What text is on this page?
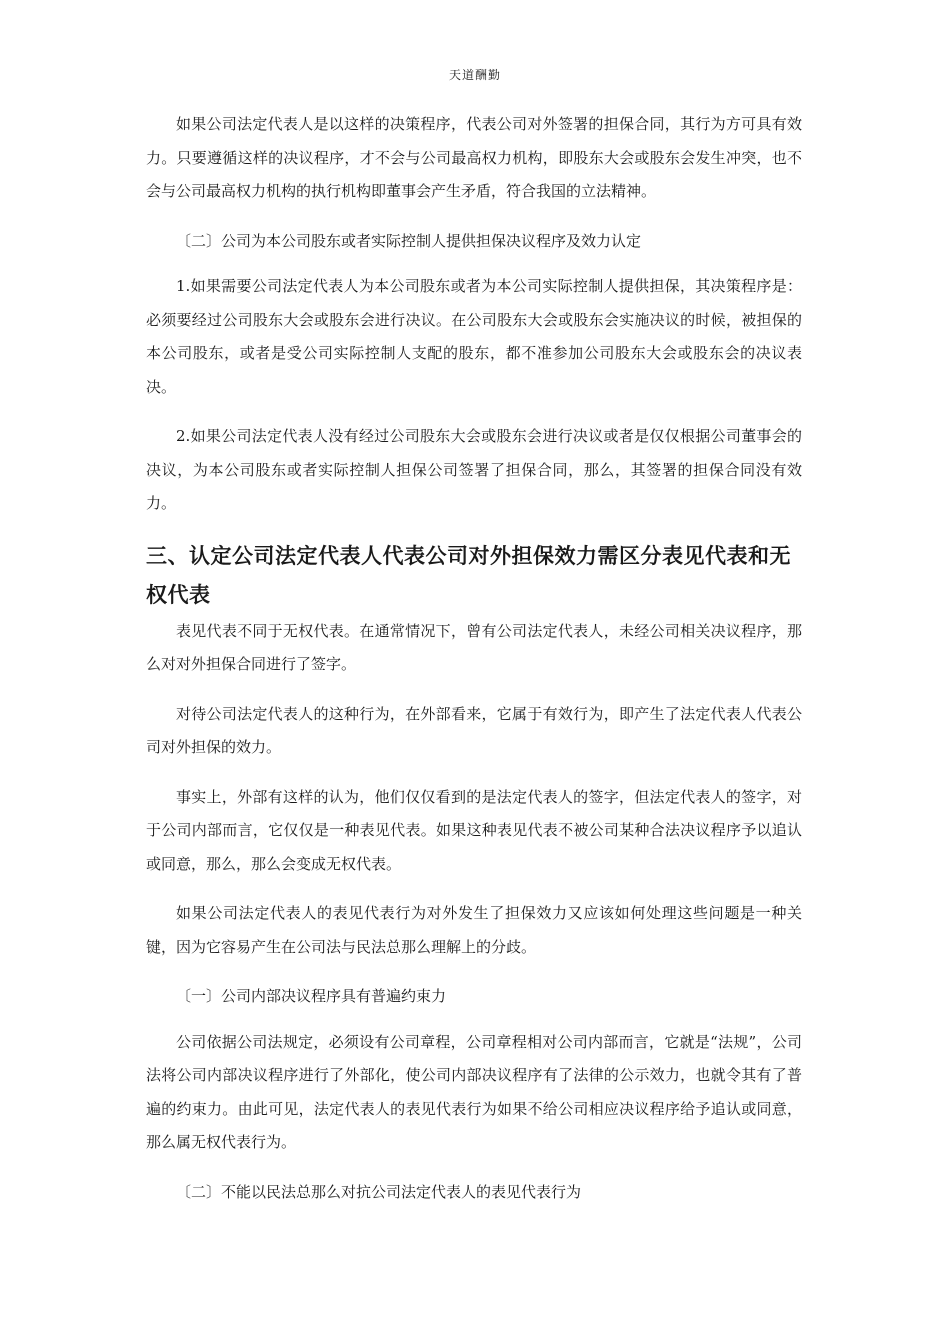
天道酬勤

如果公司法定代表人是以这样的决策程序，代表公司对外签署的担保合同，其行为方可具有效力。只要遵循这样的决议程序，才不会与公司最高权力机构，即股东大会或股东会发生冲突，也不会与公司最高权力机构的执行机构即董事会产生矛盾，符合我国的立法精神。

〔二〕公司为本公司股东或者实际控制人提供担保决议程序及效力认定

1.如果需要公司法定代表人为本公司股东或者为本公司实际控制人提供担保，其决策程序是：必须要经过公司股东大会或股东会进行决议。在公司股东大会或股东会实施决议的时候，被担保的本公司股东，或者是受公司实际控制人支配的股东，都不准参加公司股东大会或股东会的决议表决。

2.如果公司法定代表人没有经过公司股东大会或股东会进行决议或者是仅仅根据公司董事会的决议，为本公司股东或者实际控制人担保公司签署了担保合同，那么，其签署的担保合同没有效力。

三、认定公司法定代表人代表公司对外担保效力需区分表见代表和无权代表

表见代表不同于无权代表。在通常情况下，曾有公司法定代表人，未经公司相关决议程序，那么对对外担保合同进行了签字。

对待公司法定代表人的这种行为，在外部看来，它属于有效行为，即产生了法定代表人代表公司对外担保的效力。

事实上，外部有这样的认为，他们仅仅看到的是法定代表人的签字，但法定代表人的签字，对于公司内部而言，它仅仅是一种表见代表。如果这种表见代表不被公司某种合法决议程序予以追认或同意，那么，那么会变成无权代表。

如果公司法定代表人的表见代表行为对外发生了担保效力又应该如何处理这些问题是一种关键，因为它容易产生在公司法与民法总那么理解上的分歧。

〔一〕公司内部决议程序具有普遍约束力

公司依据公司法规定，必须设有公司章程，公司章程相对公司内部而言，它就是“法规”，公司法将公司内部决议程序进行了外部化，使公司内部决议程序有了法律的公示效力，也就令其有了普遍的约束力。由此可见，法定代表人的表见代表行为如果不给公司相应决议程序给予追认或同意，那么属无权代表行为。

〔二〕不能以民法总那么对抗公司法定代表人的表见代表行为
